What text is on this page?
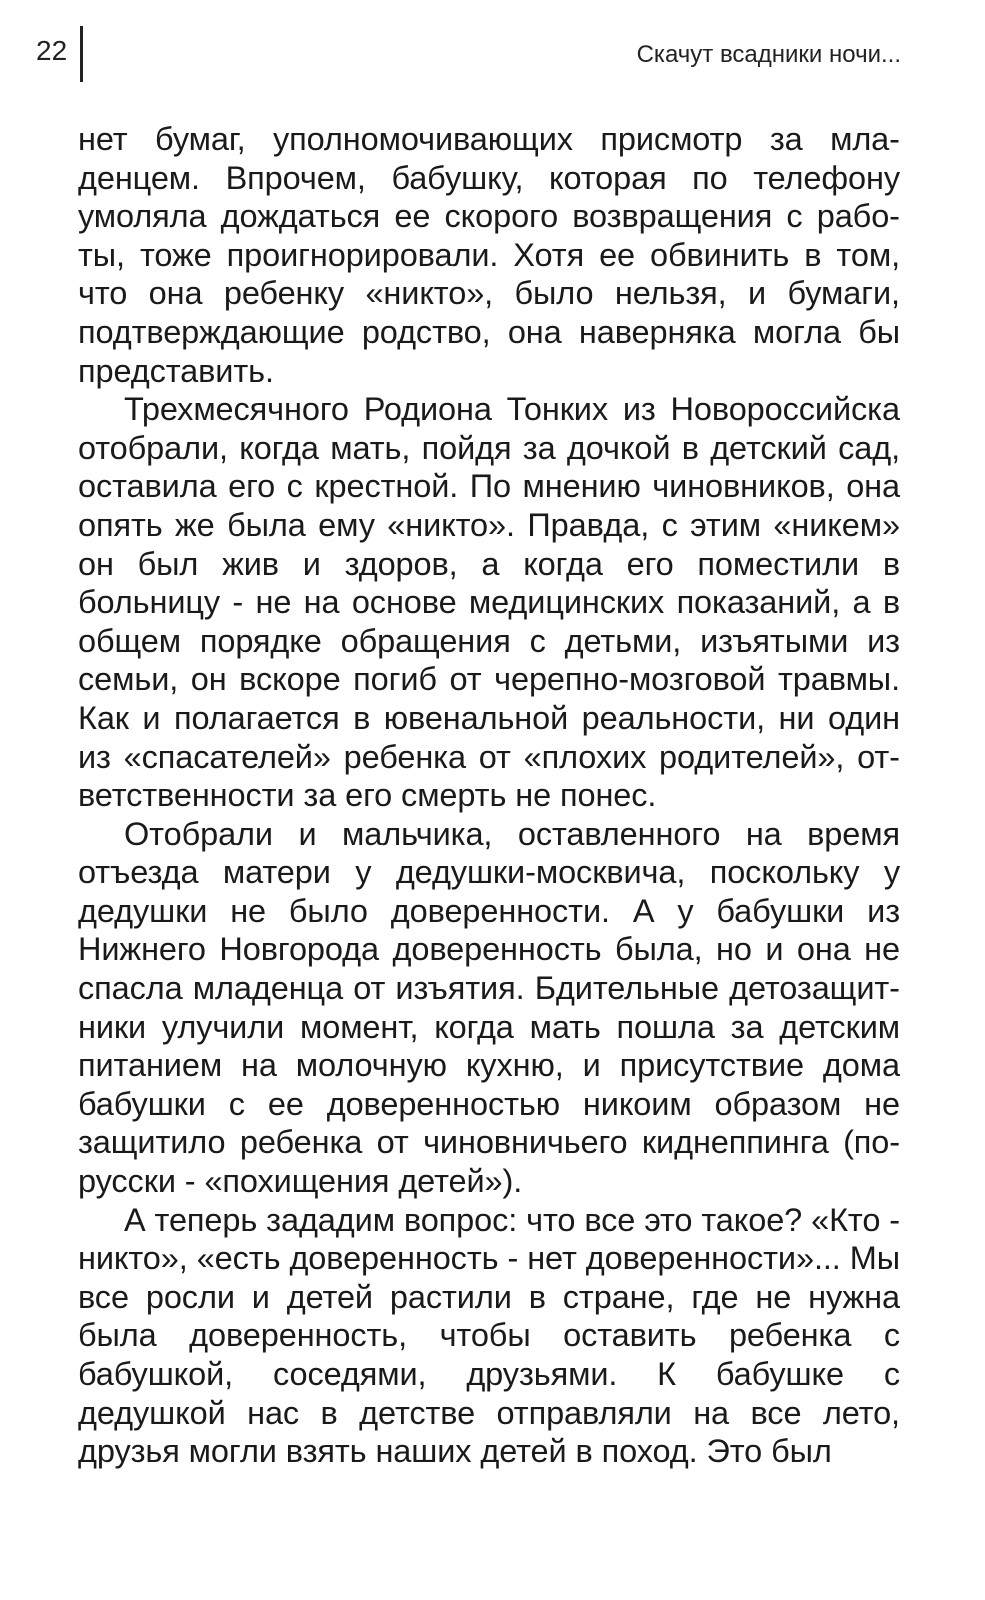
22	Скачут всадники ночи...

нет бумаг, уполномочивающих присмотр за младенцем. Впрочем, бабушку, которая по телефону умоляла дождаться ее скорого возвращения с работы, тоже проигнорировали. Хотя ее обвинить в том, что она ребенку «никто», было нельзя, и бумаги, подтверждающие родство, она наверняка могла бы представить.

Трехмесячного Родиона Тонких из Новороссийска отобрали, когда мать, пойдя за дочкой в детский сад, оставила его с крестной. По мнению чиновников, она опять же была ему «никто». Правда, с этим «никем» он был жив и здоров, а когда его поместили в больницу - не на основе медицинских показаний, а в общем порядке обращения с детьми, изъятыми из семьи, он вскоре погиб от черепно-мозговой травмы. Как и полагается в ювенальной реальности, ни один из «спасателей» ребенка от «плохих родителей», ответственности за его смерть не понес.

Отобрали и мальчика, оставленного на время отъезда матери у дедушки-москвича, поскольку у дедушки не было доверенности. А у бабушки из Нижнего Новгорода доверенность была, но и она не спасла младенца от изъятия. Бдительные детозащитники улучили момент, когда мать пошла за детским питанием на молочную кухню, и присутствие дома бабушки с ее доверенностью никоим образом не защитило ребенка от чиновничьего киднеппинга (по-русски - «похищения детей»).

А теперь зададим вопрос: что все это такое? «Кто - никто», «есть доверенность - нет доверенности»... Мы все росли и детей растили в стране, где не нужна была доверенность, чтобы оставить ребенка с бабушкой, соседями, друзьями. К бабушке с дедушкой нас в детстве отправляли на все лето, друзья могли взять наших детей в поход. Это был
